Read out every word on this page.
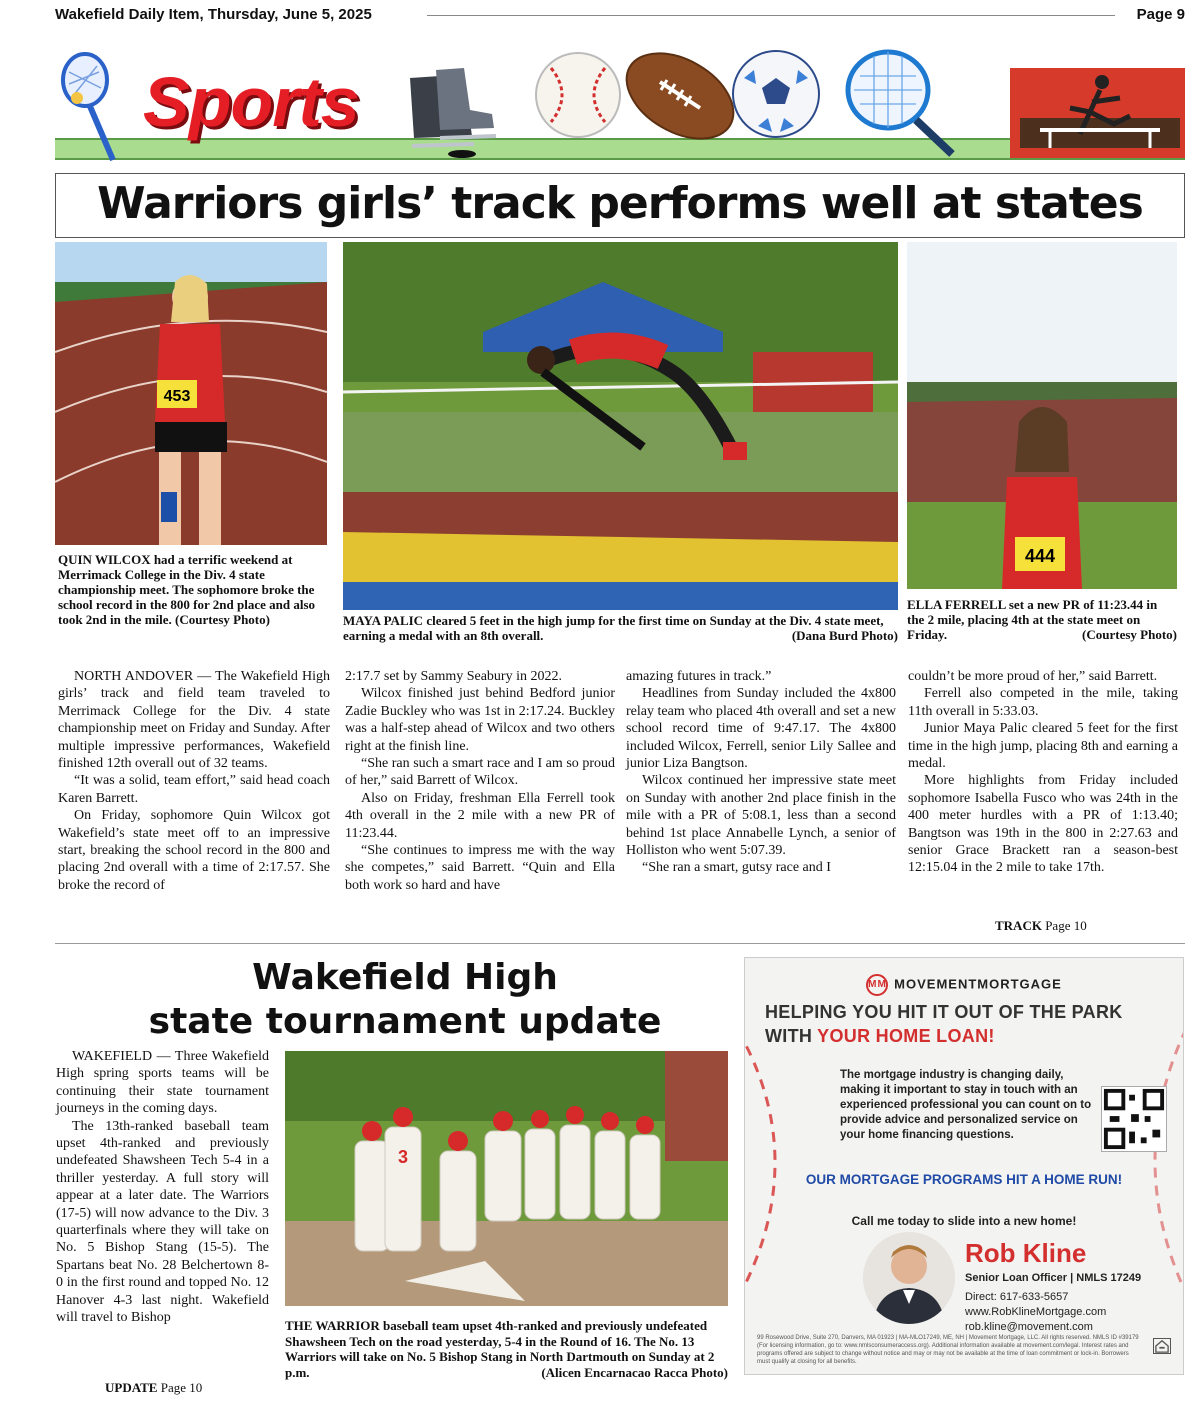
Wakefield Daily Item, Thursday, June 5, 2025	Page 9
Sports
Warriors girls’ track performs well at states
453
QUIN WILCOX had a terrific weekend at Merrimack College in the Div. 4 state championship meet. The sophomore broke the school record in the 800 for 2nd place and also took 2nd in the mile. (Courtesy Photo)	MAYA PALIC cleared 5 feet in the high jump for the first time on Sunday at the Div. 4 state meet, earning a medal with an 8th overall.	(Dana Burd Photo)
444
ELLA FERRELL set a new PR of 11:23.44 in the 2 mile, placing 4th at the state meet on Friday.	(Courtesy Photo)

NORTH ANDOVER — The Wakefield High girls’ track and field team traveled to Merrimack College for the Div. 4 state championship meet on Friday and Sunday. After multiple impressive performances, Wakefield finished 12th overall out of 32 teams.

“It was a solid, team effort,” said head coach Karen Barrett.

On Friday, sophomore Quin Wilcox got Wakefield’s state meet off to an impressive start, breaking the school record in the 800 and placing 2nd overall with a time of 2:17.57. She broke the record of

2:17.7 set by Sammy Seabury in 2022.

Wilcox finished just behind Bedford junior Zadie Buckley who was 1st in 2:17.24. Buckley was a half-step ahead of Wilcox and two others right at the finish line.

“She ran such a smart race and I am so proud of her,” said Barrett of Wilcox.

Also on Friday, freshman Ella Ferrell took 4th overall in the 2 mile with a new PR of 11:23.44.

“She continues to impress me with the way she competes,” said Barrett. “Quin and Ella both work so hard and have

amazing futures in track.”

Headlines from Sunday included the 4x800 relay team who placed 4th overall and set a new school record time of 9:47.17. The 4x800 included Wilcox, Ferrell, senior Lily Sallee and junior Liza Bangtson.

Wilcox continued her impressive state meet on Sunday with another 2nd place finish in the mile with a PR of 5:08.1, less than a second behind 1st place Annabelle Lynch, a senior of Holliston who went 5:07.39.

“She ran a smart, gutsy race and I

couldn’t be more proud of her,” said Barrett.

Ferrell also competed in the mile, taking 11th overall in 5:33.03.

Junior Maya Palic cleared 5 feet for the first time in the high jump, placing 8th and earning a medal.

More highlights from Friday included sophomore Isabella Fusco who was 24th in the 400 meter hurdles with a PR of 1:13.40; Bangtson was 19th in the 800 in 2:27.63 and senior Grace Brackett ran a season-best 12:15.04 in the 2 mile to take 17th.

TRACK Page 10
Wakefield High
state tournament update

WAKEFIELD — Three Wakefield High spring sports teams will be continuing their state tournament journeys in the coming days.

The 13th-ranked baseball team upset 4th-ranked and previously undefeated Shawsheen Tech 5-4 in a thriller yesterday. A full story will appear at a later date. The Warriors (17-5) will now advance to the Div. 3 quarterfinals where they will take on No. 5 Bishop Stang (15-5). The Spartans beat No. 28 Belchertown 8-0 in the first round and topped No. 12 Hanover 4-3 last night. Wakefield will travel to Bishop

UPDATE Page 10
3
THE WARRIOR baseball team upset 4th-ranked and previously undefeated Shawsheen Tech on the road yesterday, 5-4 in the Round of 16. The No. 13 Warriors will take on No. 5 Bishop Stang in North Dartmouth on Sunday at 2 p.m.	(Alicen Encarnacao Racca Photo)
MM MOVEMENTMORTGAGE
HELPING YOU HIT IT OUT OF THE PARK
WITH YOUR HOME LOAN!
The mortgage industry is changing daily, making it important to stay in touch with an experienced professional you can count on to provide advice and personalized service on your home financing questions.
OUR MORTGAGE PROGRAMS HIT A HOME RUN!
Call me today to slide into a new home!
Rob Kline
Senior Loan Officer | NMLS 17249
Direct: 617-633-5657
www.RobKlineMortgage.com
rob.kline@movement.com
99 Rosewood Drive, Suite 270, Danvers, MA 01923 | MA-MLO17249, ME, NH | Movement Mortgage, LLC. All rights reserved. NMLS ID #39179 (For licensing information, go to: www.nmlsconsumeraccess.org). Additional information available at movement.com/legal. Interest rates and programs offered are subject to change without notice and may or may not be available at the time of loan commitment or lock-in. Borrowers must qualify at closing for all benefits.
